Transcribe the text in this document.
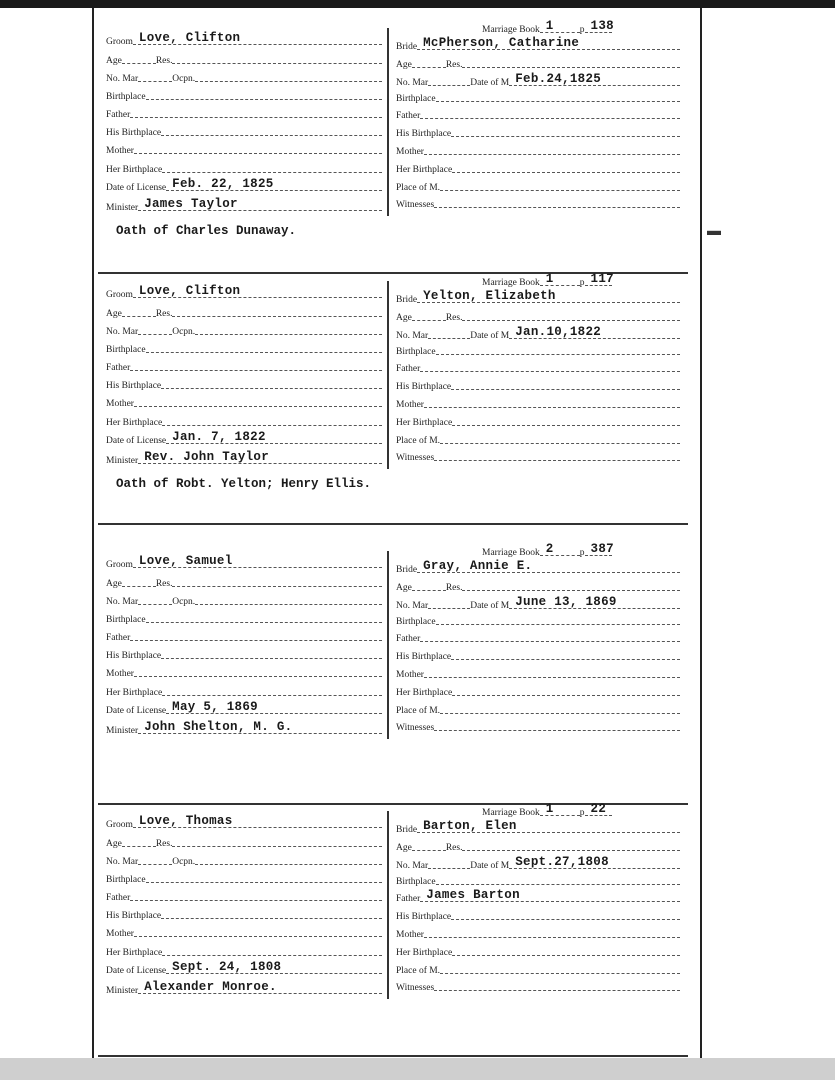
▬
Groom Love, Clifton
Age	Res.
No. Mar	Ocpn.
Birthplace
Father
His Birthplace
Mother
Her Birthplace
Date of License Feb. 22, 1825
Minister James Taylor
Marriage Book 1	p 138
Bride McPherson, Catharine
Age	Res.
No. Mar	Date of M Feb.24,1825
Birthplace
Father
His Birthplace
Mother
Her Birthplace
Place of M.
Witnesses
Oath of Charles Dunaway.
Groom Love, Clifton
Age	Res.
No. Mar	Ocpn.
Birthplace
Father
His Birthplace
Mother
Her Birthplace
Date of License Jan. 7, 1822
Minister Rev. John Taylor
Marriage Book 1	p 117
Bride Yelton, Elizabeth
Age	Res.
No. Mar	Date of M Jan.10,1822
Birthplace
Father
His Birthplace
Mother
Her Birthplace
Place of M.
Witnesses
Oath of Robt. Yelton; Henry Ellis.
Groom Love, Samuel
Age	Res.
No. Mar	Ocpn.
Birthplace
Father
His Birthplace
Mother
Her Birthplace
Date of License May 5, 1869
Minister John Shelton, M. G.
Marriage Book 2	p 387
Bride Gray, Annie E.
Age	Res.
No. Mar	Date of M June 13, 1869
Birthplace
Father
His Birthplace
Mother
Her Birthplace
Place of M.
Witnesses
Groom Love, Thomas
Age	Res.
No. Mar	Ocpn.
Birthplace
Father
His Birthplace
Mother
Her Birthplace
Date of License Sept. 24, 1808
Minister Alexander Monroe.
Marriage Book 1	p 22
Bride Barton, Elen
Age	Res.
No. Mar	Date of M Sept.27,1808
Birthplace
Father James Barton
His Birthplace
Mother
Her Birthplace
Place of M.
Witnesses
